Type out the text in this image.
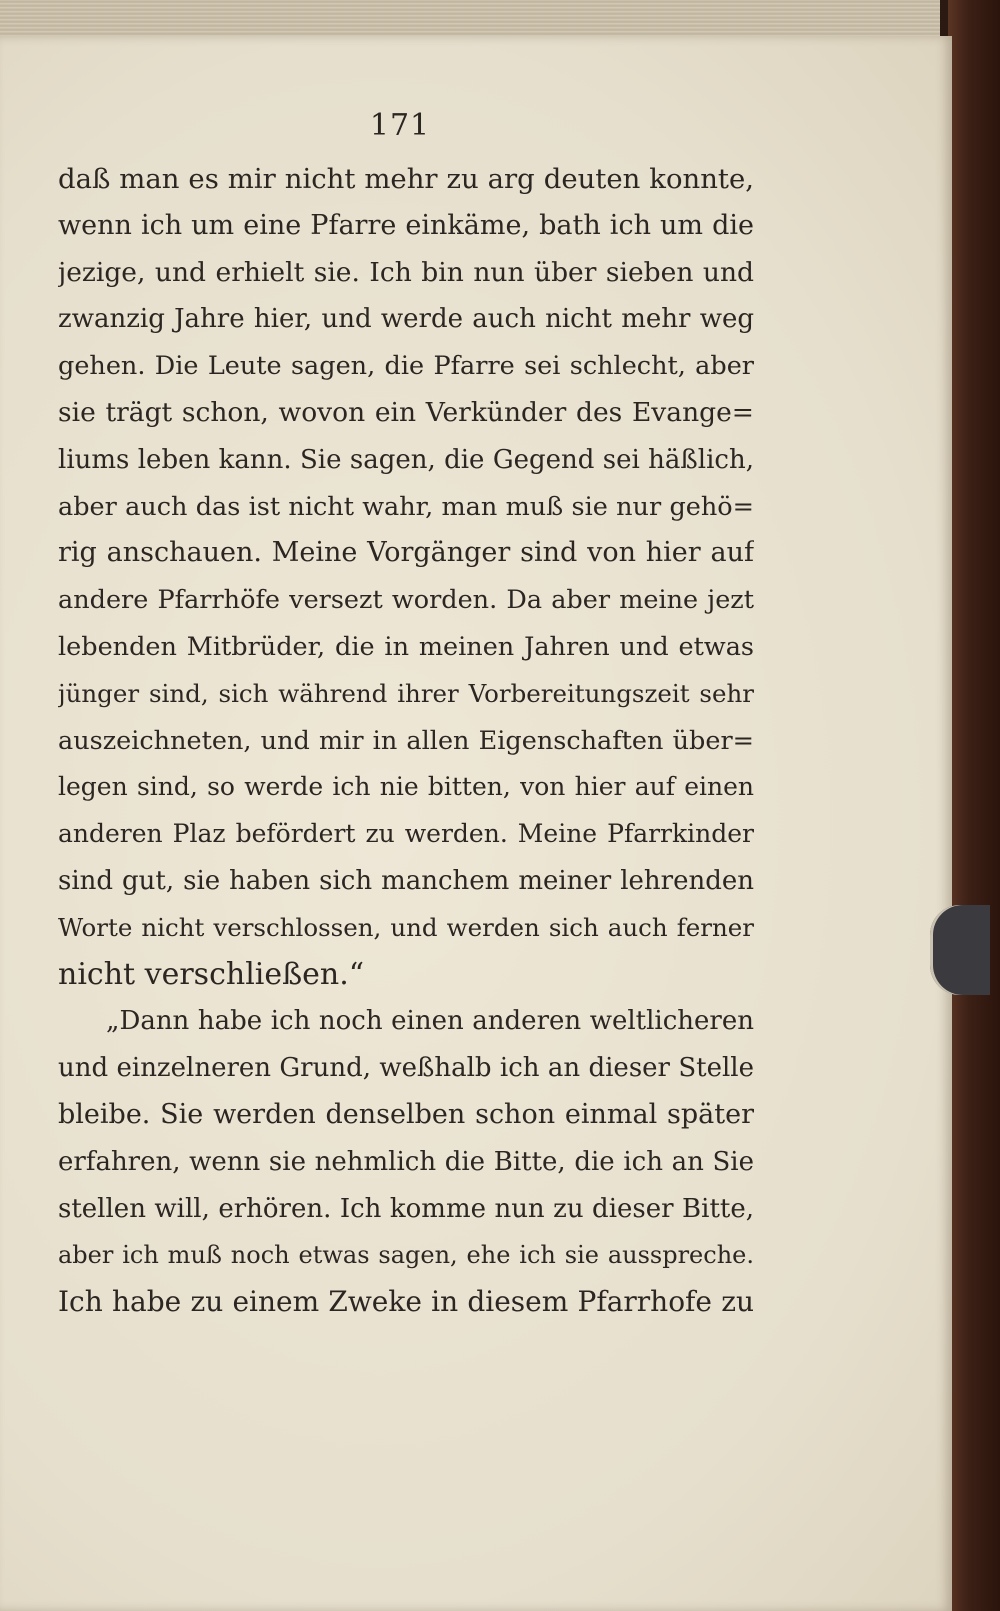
171
daß man es mir nicht mehr zu arg deuten konnte,
wenn ich um eine Pfarre einkäme, bath ich um die
jezige, und erhielt sie. Ich bin nun über sieben und
zwanzig Jahre hier, und werde auch nicht mehr weg
gehen. Die Leute sagen, die Pfarre sei schlecht, aber
sie trägt schon, wovon ein Verkünder des Evange=
liums leben kann. Sie sagen, die Gegend sei häßlich,
aber auch das ist nicht wahr, man muß sie nur gehö=
rig anschauen. Meine Vorgänger sind von hier auf
andere Pfarrhöfe versezt worden. Da aber meine jezt
lebenden Mitbrüder, die in meinen Jahren und etwas
jünger sind, sich während ihrer Vorbereitungszeit sehr
auszeichneten, und mir in allen Eigenschaften über=
legen sind, so werde ich nie bitten, von hier auf einen
anderen Plaz befördert zu werden. Meine Pfarrkinder
sind gut, sie haben sich manchem meiner lehrenden
Worte nicht verschlossen, und werden sich auch ferner
nicht verschließen.“
„Dann habe ich noch einen anderen weltlicheren
und einzelneren Grund, weßhalb ich an dieser Stelle
bleibe. Sie werden denselben schon einmal später
erfahren, wenn sie nehmlich die Bitte, die ich an Sie
stellen will, erhören. Ich komme nun zu dieser Bitte,
aber ich muß noch etwas sagen, ehe ich sie ausspreche.
Ich habe zu einem Zweke in diesem Pfarrhofe zu
